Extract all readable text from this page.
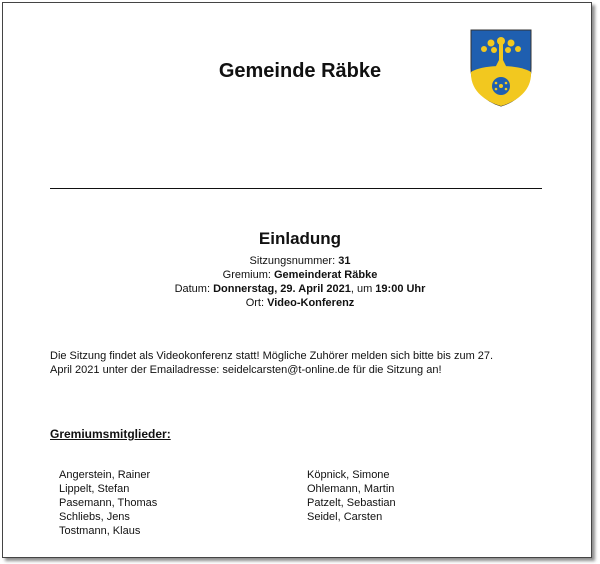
Gemeinde Räbke
Einladung
Sitzungsnummer: 31
Gremium: Gemeinderat Räbke
Datum: Donnerstag, 29. April 2021, um 19:00 Uhr
Ort: Video-Konferenz
Die Sitzung findet als Videokonferenz statt! Mögliche Zuhörer melden sich bitte bis zum 27.
April 2021 unter der Emailadresse: seidelcarsten@t-online.de für die Sitzung an!
Gremiumsmitglieder:
Angerstein, Rainer
Lippelt, Stefan
Pasemann, Thomas
Schliebs, Jens
Tostmann, Klaus
Köpnick, Simone
Ohlemann, Martin
Patzelt, Sebastian
Seidel, Carsten
